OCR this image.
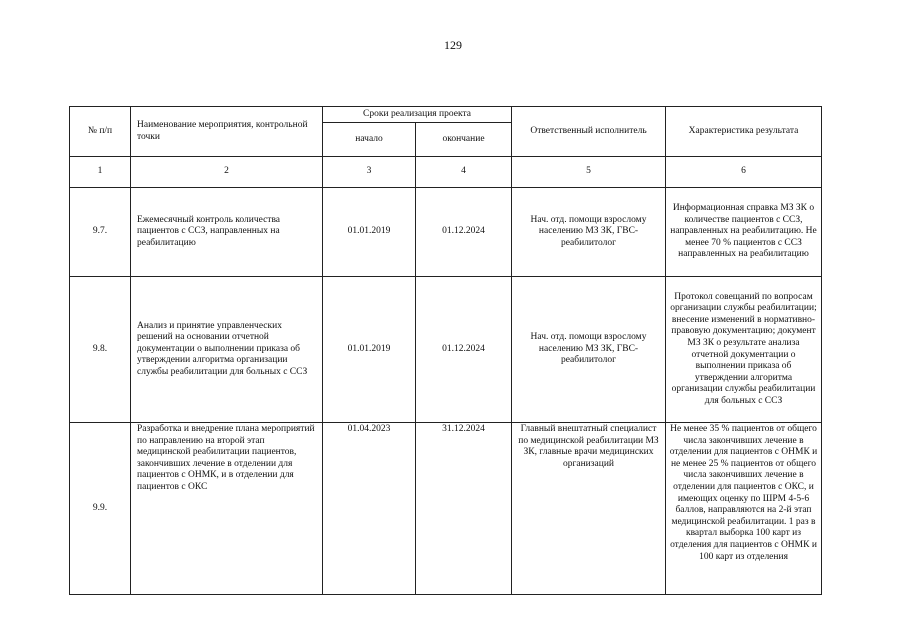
129
№ п/п	Наименование мероприятия, контрольной точки	Сроки реализация проекта		Ответственный исполнитель	Характеристика результата
		начало	окончание		
1	2	3	4	5	6
9.7.	Ежемесячный контроль количества пациентов с ССЗ, направленных на реабилитацию	01.01.2019	01.12.2024	Нач. отд. помощи взрослому населению МЗ ЗК, ГВС-реабилитолог	Информационная справка МЗ ЗК о количестве пациентов с ССЗ, направленных на реабилитацию. Не менее 70 % пациентов с ССЗ направленных на реабилитацию
9.8.	Анализ и принятие управленческих решений на основании отчетной документации о выполнении приказа об утверждении алгоритма организации службы реабилитации для больных с ССЗ	01.01.2019	01.12.2024	Нач. отд. помощи взрослому населению МЗ ЗК, ГВС-реабилитолог	Протокол совещаний по вопросам организации службы реабилитации; внесение изменений в нормативно-правовую документацию; документ МЗ ЗК о результате анализа отчетной документации о выполнении приказа об утверждении алгоритма организации службы реабилитации для больных с ССЗ
9.9.	Разработка и внедрение плана мероприятий по направлению на второй этап медицинской реабилитации пациентов, закончивших лечение в отделении для пациентов с ОНМК, и в отделении для пациентов с ОКС	01.04.2023	31.12.2024	Главный внештатный специалист по медицинской реабилитации МЗ ЗК, главные врачи медицинских организаций	Не менее 35 % пациентов от общего числа закончивших лечение в отделении для пациентов с ОНМК и не менее 25 % пациентов от общего числа закончивших лечение в отделении для пациентов с ОКС, и имеющих оценку по ШРМ 4-5-6 баллов, направляются на 2-й этап медицинской реабилитации. 1 раз в квартал выборка 100 карт из отделения для пациентов с ОНМК и 100 карт из отделения
